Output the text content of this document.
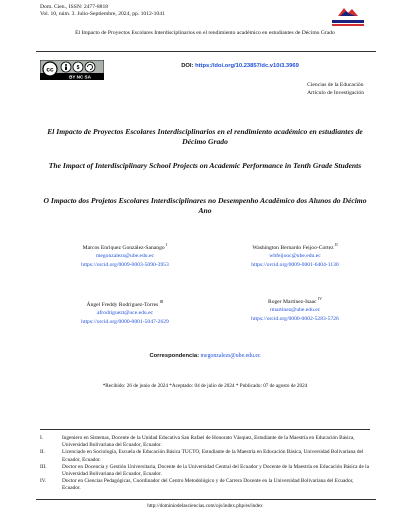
Dom. Cien., ISSN: 2477-8818
Vol. 10, núm. 3. Julio-Septiembre, 2024, pp. 1012-1041
El Impacto de Proyectos Escolares Interdisciplinarios en el rendimiento académico en estudiantes de Décimo Grado
cc	$
BY NC SA
DOI: https://doi.org/10.23857/dc.v10i3.3969
Ciencias de la Educación
Artículo de Investigación
El Impacto de Proyectos Escolares Interdisciplinarios en el rendimiento académico en estudiantes de Décimo Grado
The Impact of Interdisciplinary School Projects on Academic Performance in Tenth Grade Students
O Impacto dos Projetos Escolares Interdisciplinares no Desempenho Acadêmico dos Alunos do Décimo Ano
Marcos Enriquez González-Sanango $^I$
megonzalezs@ube.edu.ec
https://orcid.org/0009-0003-5090-3953
Washington Bernardo Feijoo-Cortez $^{II}$
wbfeijooc@ube.edu.ec
https://orcid.org/0009-0001-6404-1130
Ángel Freddy Rodríguez-Torres $^{III}$
afrodriguezt@uce.edu.ec
https://orcid.org/0000-0001-5047-2629
Roger Martínez-Isaac $^{IV}$
rmartinez@ube.edu.ec
https://orcid.org/0000-0002-5283-5726
Correspondencia: megonzalezs@ube.edu.ec
*Recibido: 26 de junio de 2024 *Aceptado: 04 de julio de 2024 * Publicado: 07 de agosto de 2024
I.	Ingeniero en Sistemas, Docente de la Unidad Educativa San Rafael de Honorato Vásquez, Estudiante de la Maestría en Educación Básica, Universidad Bolivariana del Ecuador, Ecuador.
II.	Licenciado en Sociología, Escuela de Educación Básica TUCTO, Estudiante de la Maestría en Educación Básica, Universidad Bolivariana del Ecuador, Ecuador.
III.	Doctor en Docencia y Gestión Universitaria, Docente de la Universidad Central del Ecuador y Docente de la Maestría en Educación Básica de la Universidad Bolivariana del Ecuador, Ecuador.
IV.	Doctor en Ciencias Pedagógicas, Coordinador del Centro Metodológico y de Carrera Docente en la Universidad Bolivariana del Ecuador, Ecuador.
http://dominiodelasciencias.com/ojs/index.php/es/index
